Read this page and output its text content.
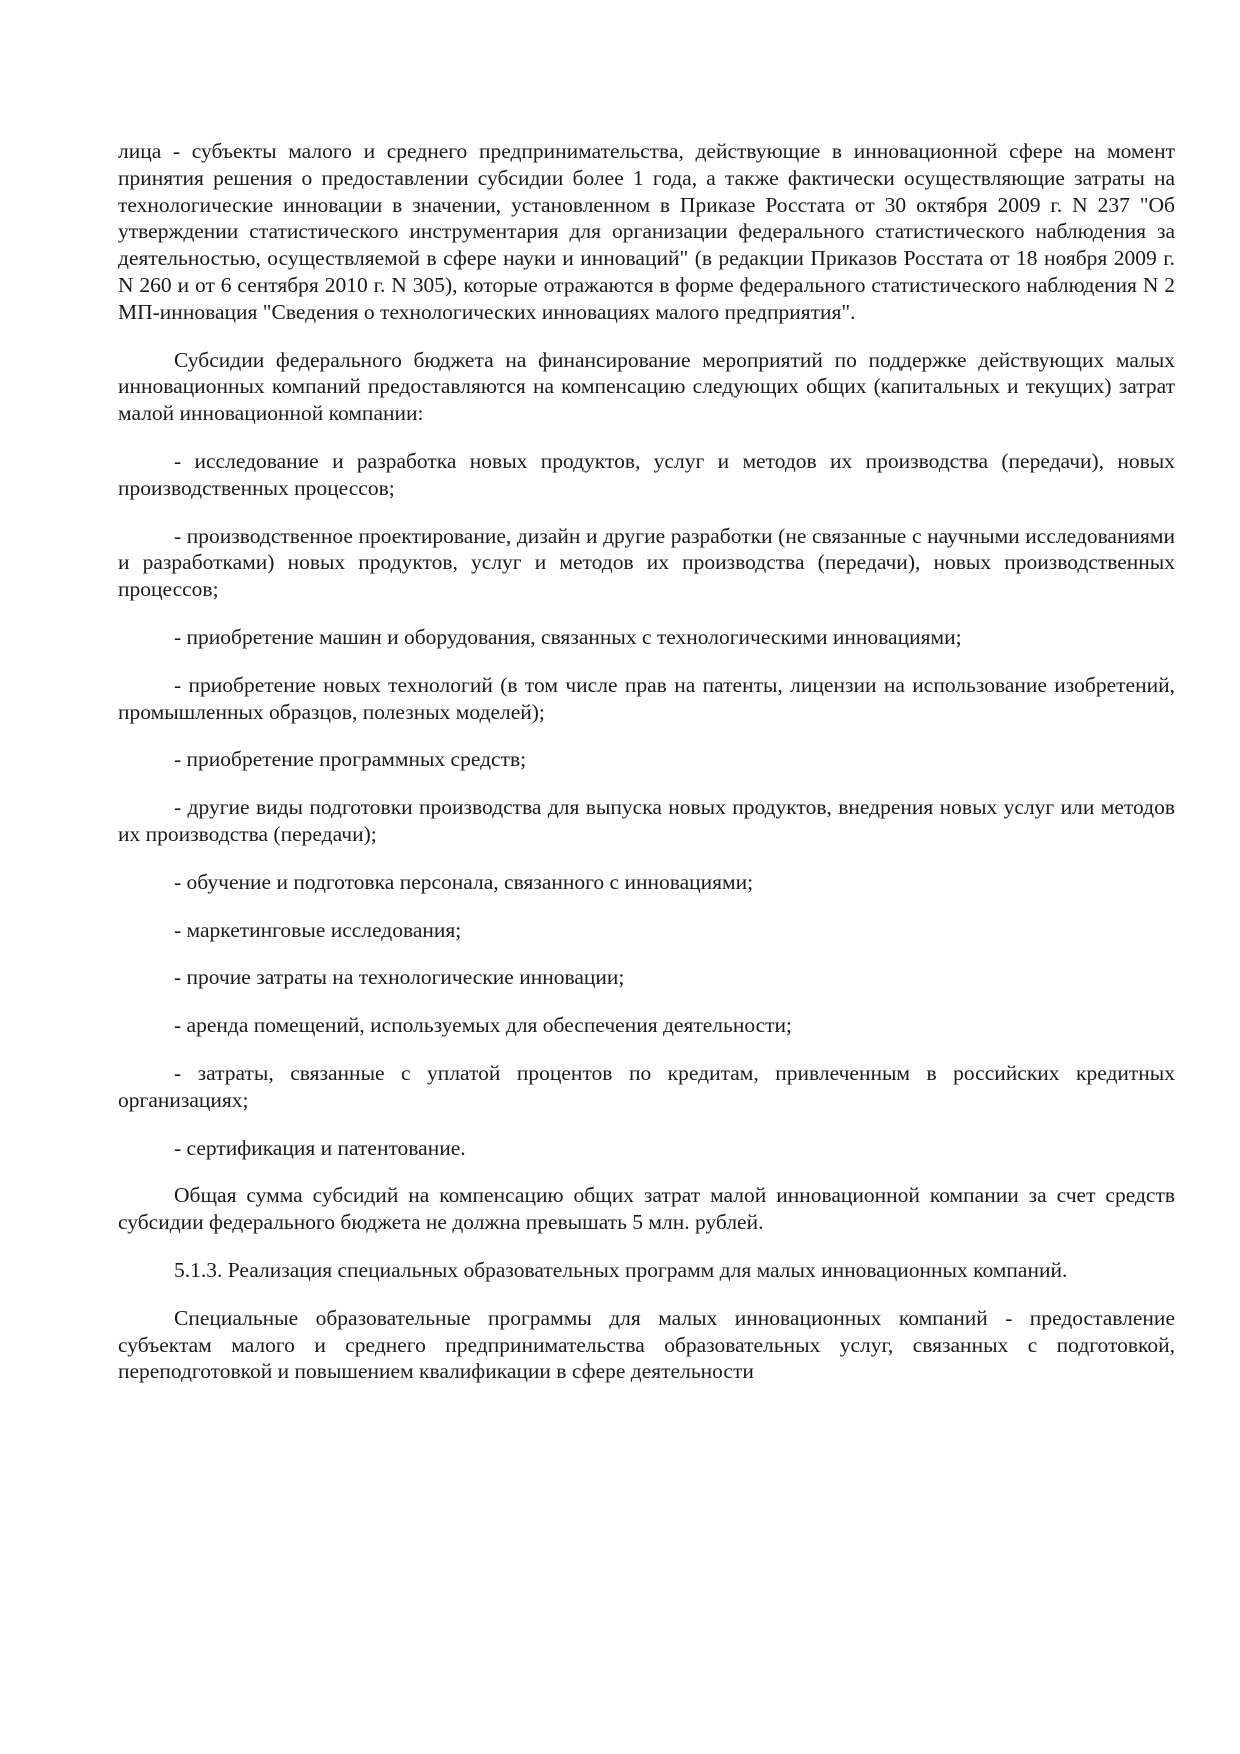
лица - субъекты малого и среднего предпринимательства, действующие в инновационной сфере на момент принятия решения о предоставлении субсидии более 1 года, а также фактически осуществляющие затраты на технологические инновации в значении, установленном в Приказе Росстата от 30 октября 2009 г. N 237 "Об утверждении статистического инструментария для организации федерального статистического наблюдения за деятельностью, осуществляемой в сфере науки и инноваций" (в редакции Приказов Росстата от 18 ноября 2009 г. N 260 и от 6 сентября 2010 г. N 305), которые отражаются в форме федерального статистического наблюдения N 2 МП-инновация "Сведения о технологических инновациях малого предприятия".

Субсидии федерального бюджета на финансирование мероприятий по поддержке действующих малых инновационных компаний предоставляются на компенсацию следующих общих (капитальных и текущих) затрат малой инновационной компании:

- исследование и разработка новых продуктов, услуг и методов их производства (передачи), новых производственных процессов;

- производственное проектирование, дизайн и другие разработки (не связанные с научными исследованиями и разработками) новых продуктов, услуг и методов их производства (передачи), новых производственных процессов;

- приобретение машин и оборудования, связанных с технологическими инновациями;

- приобретение новых технологий (в том числе прав на патенты, лицензии на использование изобретений, промышленных образцов, полезных моделей);

- приобретение программных средств;

- другие виды подготовки производства для выпуска новых продуктов, внедрения новых услуг или методов их производства (передачи);

- обучение и подготовка персонала, связанного с инновациями;

- маркетинговые исследования;

- прочие затраты на технологические инновации;

- аренда помещений, используемых для обеспечения деятельности;

- затраты, связанные с уплатой процентов по кредитам, привлеченным в российских кредитных организациях;

- сертификация и патентование.

Общая сумма субсидий на компенсацию общих затрат малой инновационной компании за счет средств субсидии федерального бюджета не должна превышать 5 млн. рублей.

5.1.3. Реализация специальных образовательных программ для малых инновационных компаний.

Специальные образовательные программы для малых инновационных компаний - предоставление субъектам малого и среднего предпринимательства образовательных услуг, связанных с подготовкой, переподготовкой и повышением квалификации в сфере деятельности
